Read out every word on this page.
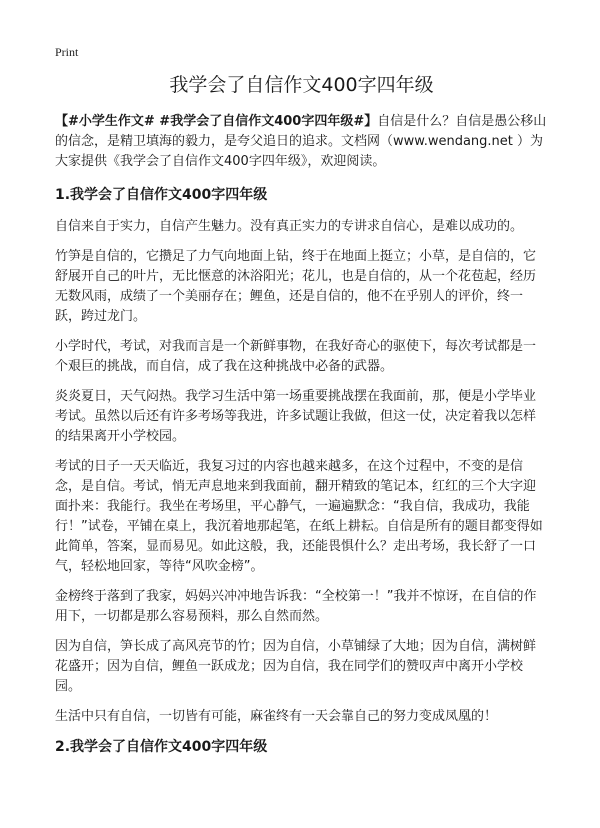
Print
我学会了自信作文400字四年级

【#小学生作文# #我学会了自信作文400字四年级#】自信是什么？自信是愚公移山的信念，是精卫填海的毅力，是夸父追日的追求。文档网（www.wendang.net ）为大家提供《我学会了自信作文400字四年级》，欢迎阅读。

1.我学会了自信作文400字四年级

自信来自于实力，自信产生魅力。没有真正实力的专讲求自信心，是难以成功的。

竹笋是自信的，它攒足了力气向地面上钻，终于在地面上挺立；小草，是自信的，它舒展开自己的叶片，无比惬意的沐浴阳光；花儿，也是自信的，从一个花苞起，经历无数风雨，成绩了一个美丽存在；鲤鱼，还是自信的，他不在乎别人的评价，终一跃，跨过龙门。

小学时代，考试，对我而言是一个新鲜事物，在我好奇心的驱使下，每次考试都是一个艰巨的挑战，而自信，成了我在这种挑战中必备的武器。

炎炎夏日，天气闷热。我学习生活中第一场重要挑战摆在我面前，那，便是小学毕业考试。虽然以后还有许多考场等我进，许多试题让我做，但这一仗，决定着我以怎样的结果离开小学校园。

考试的日子一天天临近，我复习过的内容也越来越多，在这个过程中，不变的是信念，是自信。考试，悄无声息地来到我面前，翻开精致的笔记本，红红的三个大字迎面扑来：我能行。我坐在考场里，平心静气，一遍遍默念：“我自信，我成功，我能行！”试卷，平铺在桌上，我沉着地那起笔，在纸上耕耘。自信是所有的题目都变得如此简单，答案，显而易见。如此这般，我，还能畏惧什么？走出考场，我长舒了一口气，轻松地回家，等待“风吹金榜”。

金榜终于落到了我家，妈妈兴冲冲地告诉我：“全校第一！”我并不惊讶，在自信的作用下，一切都是那么容易预料，那么自然而然。

因为自信，笋长成了高风亮节的竹；因为自信，小草铺绿了大地；因为自信，满树鲜花盛开；因为自信，鲤鱼一跃成龙；因为自信，我在同学们的赞叹声中离开小学校园。

生活中只有自信，一切皆有可能，麻雀终有一天会靠自己的努力变成凤凰的！

2.我学会了自信作文400字四年级
